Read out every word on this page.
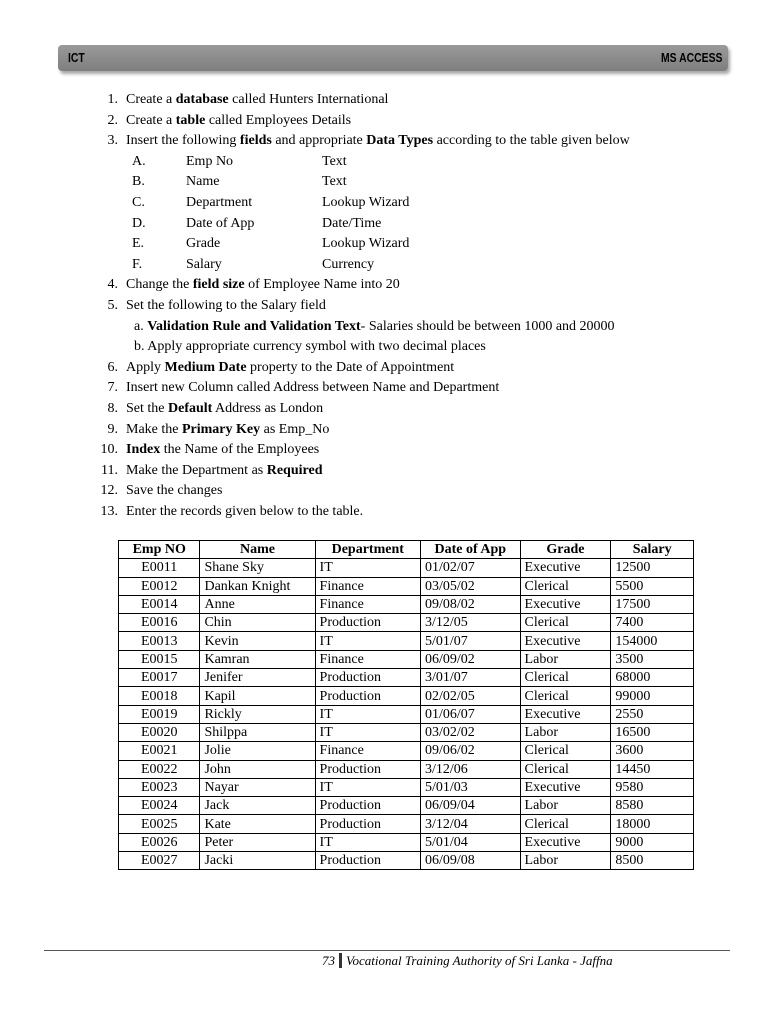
ICT	MS ACCESS
1. Create a database called Hunters International
2. Create a table called Employees Details
3. Insert the following fields and appropriate Data Types according to the table given below
A.	Emp No	Text
B.	Name	Text
C.	Department	Lookup Wizard
D.	Date of App	Date/Time
E.	Grade	Lookup Wizard
F.	Salary	Currency
4. Change the field size of Employee Name into 20
5. Set the following to the Salary field
a. Validation Rule and Validation Text- Salaries should be between 1000 and 20000
b. Apply appropriate currency symbol with two decimal places
6. Apply Medium Date property to the Date of Appointment
7. Insert new Column called Address between Name and Department
8. Set the Default Address as London
9. Make the Primary Key as Emp_No
10. Index the Name of the Employees
11. Make the Department as Required
12. Save the changes
13. Enter the records given below to the table.
Emp NO	Name	Department	Date of App	Grade	Salary
E0011	Shane Sky	IT	01/02/07	Executive	12500
E0012	Dankan Knight	Finance	03/05/02	Clerical	5500
E0014	Anne	Finance	09/08/02	Executive	17500
E0016	Chin	Production	3/12/05	Clerical	7400
E0013	Kevin	IT	5/01/07	Executive	154000
E0015	Kamran	Finance	06/09/02	Labor	3500
E0017	Jenifer	Production	3/01/07	Clerical	68000
E0018	Kapil	Production	02/02/05	Clerical	99000
E0019	Rickly	IT	01/06/07	Executive	2550
E0020	Shilppa	IT	03/02/02	Labor	16500
E0021	Jolie	Finance	09/06/02	Clerical	3600
E0022	John	Production	3/12/06	Clerical	14450
E0023	Nayar	IT	5/01/03	Executive	9580
E0024	Jack	Production	06/09/04	Labor	8580
E0025	Kate	Production	3/12/04	Clerical	18000
E0026	Peter	IT	5/01/04	Executive	9000
E0027	Jacki	Production	06/09/08	Labor	8500
73 Vocational Training Authority of Sri Lanka - Jaffna
